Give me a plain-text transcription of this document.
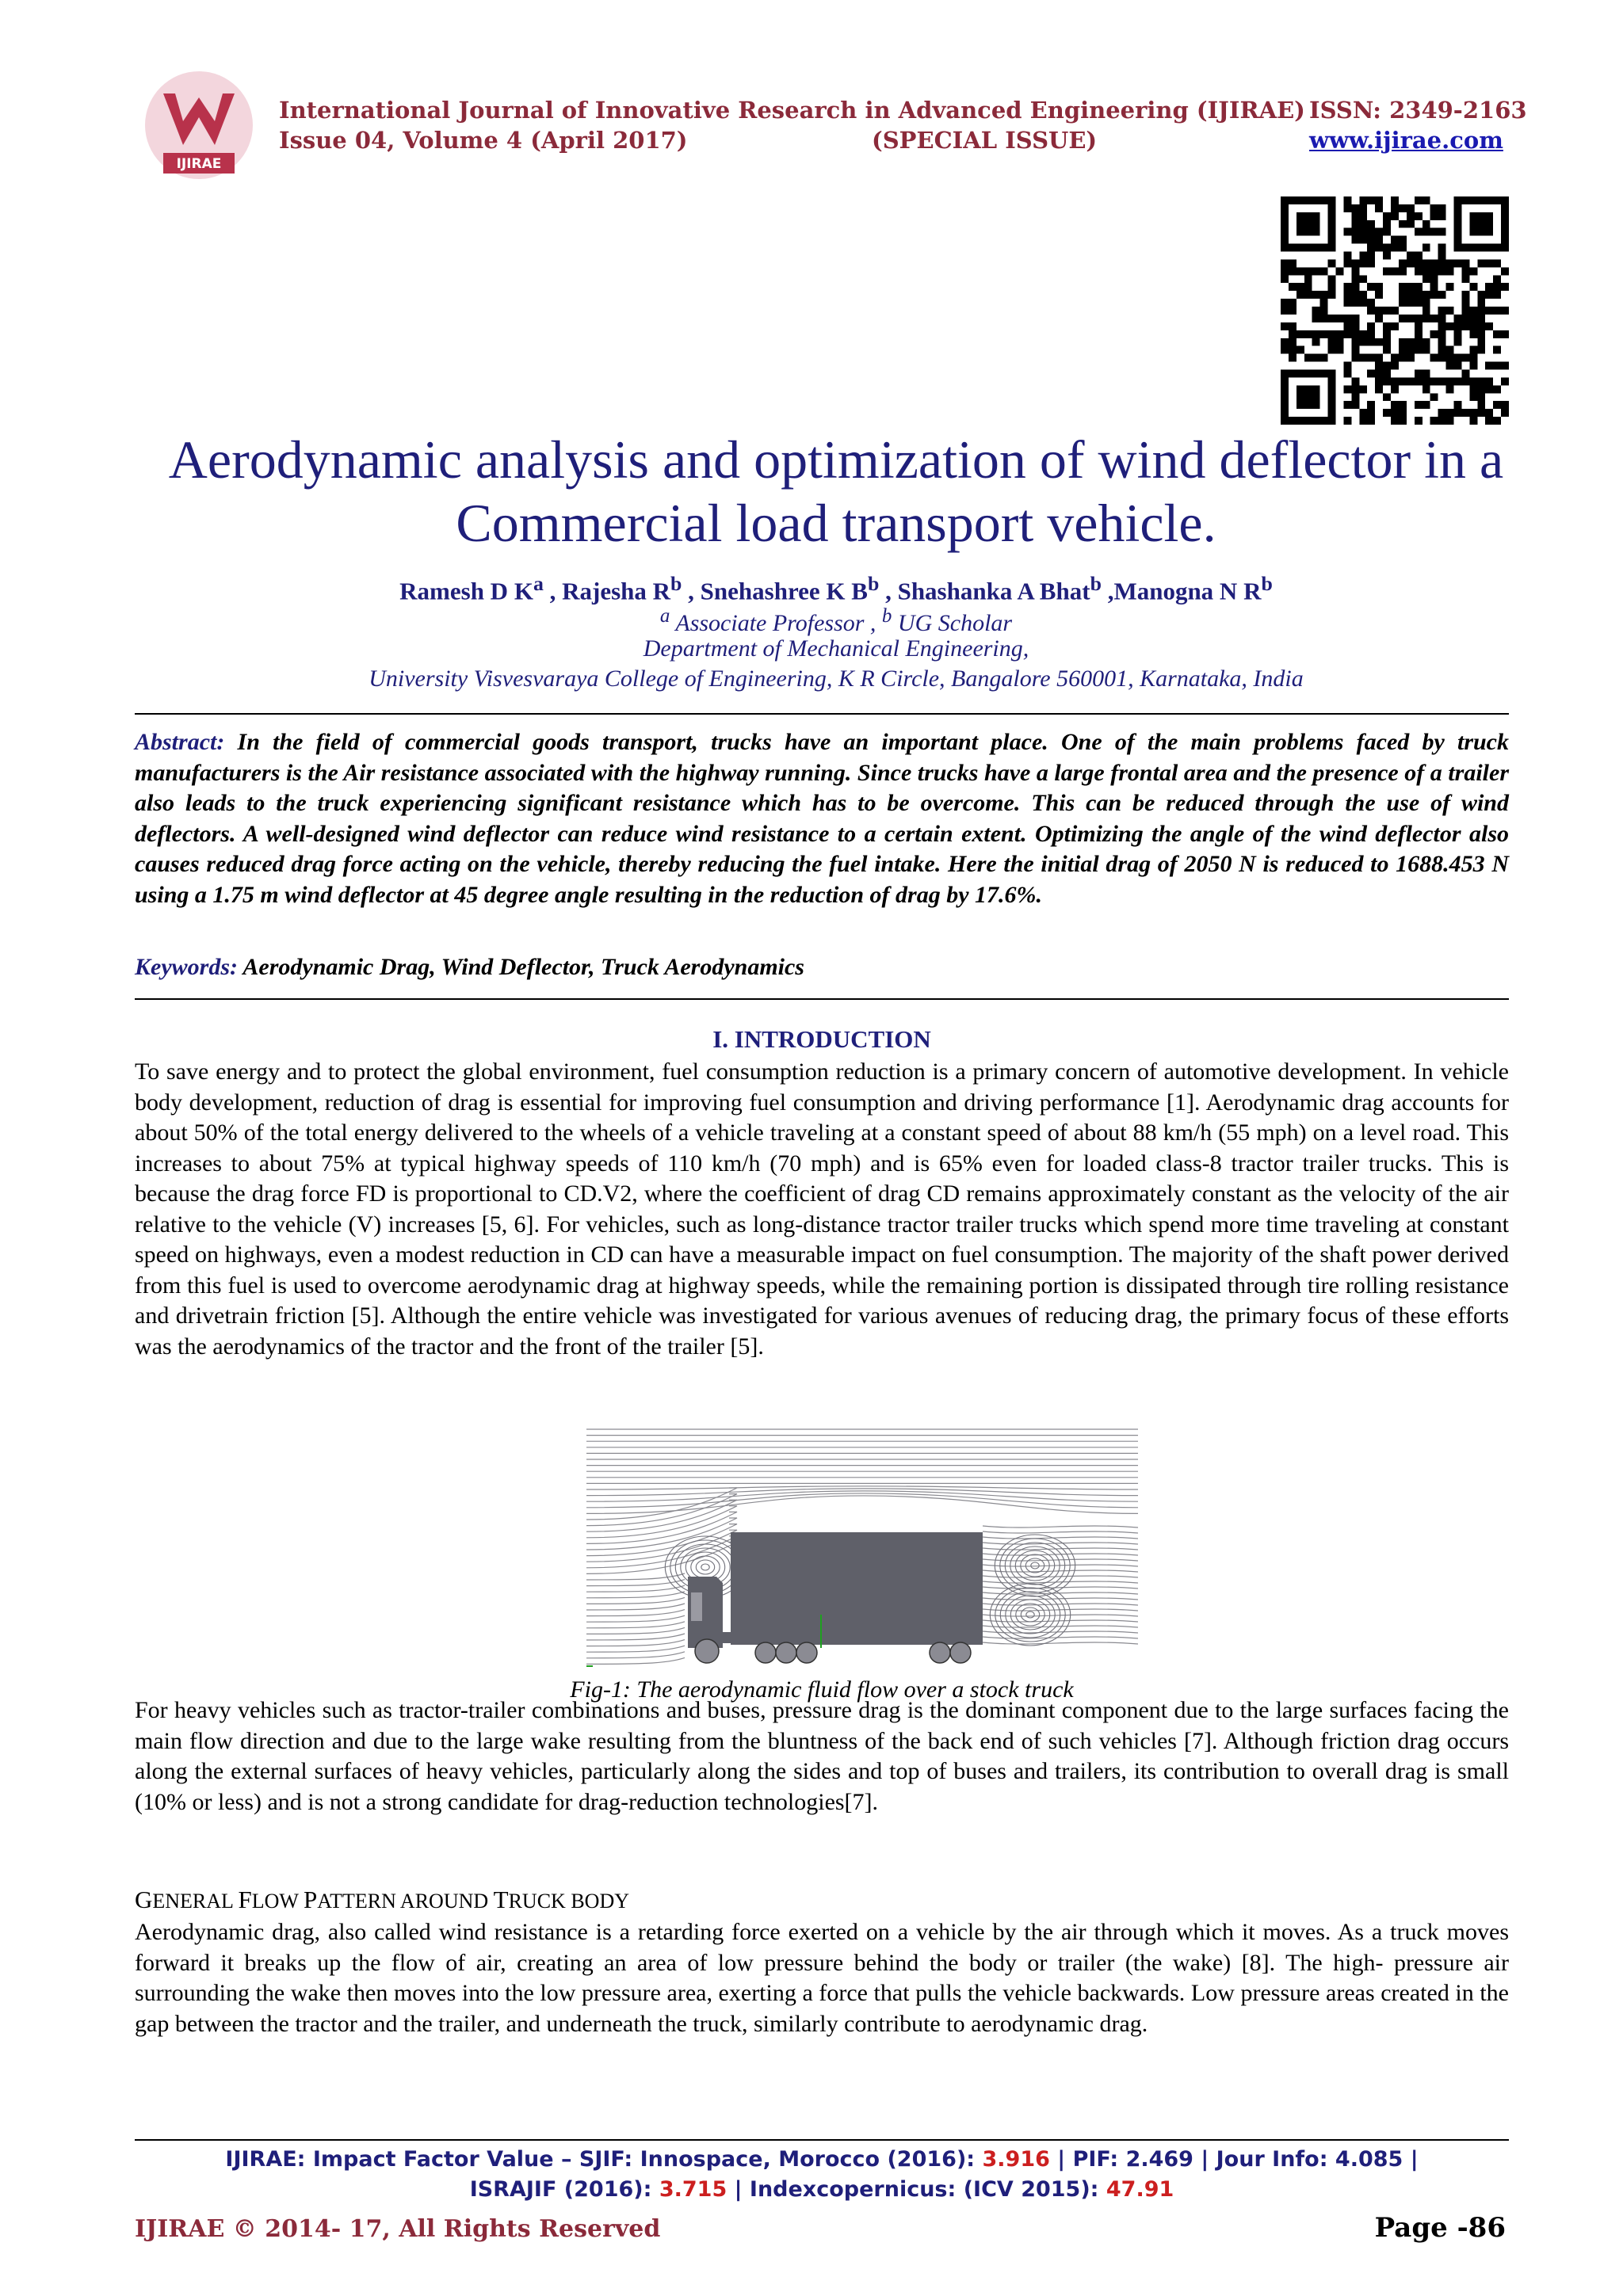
IJIRAE
International Journal of Innovative Research in Advanced Engineering (IJIRAE) ISSN: 2349-2163
Issue 04, Volume 4 (April 2017)	(SPECIAL ISSUE)	www.ijirae.com
Aerodynamic analysis and optimization of wind deflector in a
Commercial load transport vehicle.
Ramesh D $K^a$ , Rajesha $R^b$ , Snehashree K $B^b$ , Shashanka A Bhat$^b$ ,Manogna N $R^b$
$^a$ Associate Professor , $^b$ UG Scholar
Department of Mechanical Engineering,
University Visvesvaraya College of Engineering, K R Circle, Bangalore 560001, Karnataka, India
Abstract: In the field of commercial goods transport, trucks have an important place. One of the main problems faced by truck manufacturers is the Air resistance associated with the highway running. Since trucks have a large frontal area and the presence of a trailer also leads to the truck experiencing significant resistance which has to be overcome. This can be reduced through the use of wind deflectors. A well-designed wind deflector can reduce wind resistance to a certain extent. Optimizing the angle of the wind deflector also causes reduced drag force acting on the vehicle, thereby reducing the fuel intake. Here the initial drag of 2050 N is reduced to 1688.453 N using a 1.75 m wind deflector at 45 degree angle resulting in the reduction of drag by 17.6%.
Keywords: Aerodynamic Drag, Wind Deflector, Truck Aerodynamics
I. INTRODUCTION
To save energy and to protect the global environment, fuel consumption reduction is a primary concern of automotive development. In vehicle body development, reduction of drag is essential for improving fuel consumption and driving performance [1]. Aerodynamic drag accounts for about 50% of the total energy delivered to the wheels of a vehicle traveling at a constant speed of about 88 km/h (55 mph) on a level road. This increases to about 75% at typical highway speeds of 110 km/h (70 mph) and is 65% even for loaded class-8 tractor trailer trucks. This is because the drag force FD is proportional to CD.V2, where the coefficient of drag CD remains approximately constant as the velocity of the air relative to the vehicle (V) increases [5, 6]. For vehicles, such as long-distance tractor trailer trucks which spend more time traveling at constant speed on highways, even a modest reduction in CD can have a measurable impact on fuel consumption. The majority of the shaft power derived from this fuel is used to overcome aerodynamic drag at highway speeds, while the remaining portion is dissipated through tire rolling resistance and drivetrain friction [5]. Although the entire vehicle was investigated for various avenues of reducing drag, the primary focus of these efforts was the aerodynamics of the tractor and the front of the trailer [5].
Fig-1: The aerodynamic fluid flow over a stock truck
For heavy vehicles such as tractor-trailer combinations and buses, pressure drag is the dominant component due to the large surfaces facing the main flow direction and due to the large wake resulting from the bluntness of the back end of such vehicles [7]. Although friction drag occurs along the external surfaces of heavy vehicles, particularly along the sides and top of buses and trailers, its contribution to overall drag is small (10% or less) and is not a strong candidate for drag-reduction technologies[7].
GENERAL FLOW PATTERN AROUND TRUCK BODY
Aerodynamic drag, also called wind resistance is a retarding force exerted on a vehicle by the air through which it moves. As a truck moves forward it breaks up the flow of air, creating an area of low pressure behind the body or trailer (the wake) [8]. The high- pressure air surrounding the wake then moves into the low pressure area, exerting a force that pulls the vehicle backwards. Low pressure areas created in the gap between the tractor and the trailer, and underneath the truck, similarly contribute to aerodynamic drag.
IJIRAE: Impact Factor Value – SJIF: Innospace, Morocco (2016): 3.916 | PIF: 2.469 | Jour Info: 4.085 |
ISRAJIF (2016): 3.715 | Indexcopernicus: (ICV 2015): 47.91
IJIRAE © 2014- 17, All Rights Reserved	Page -86
